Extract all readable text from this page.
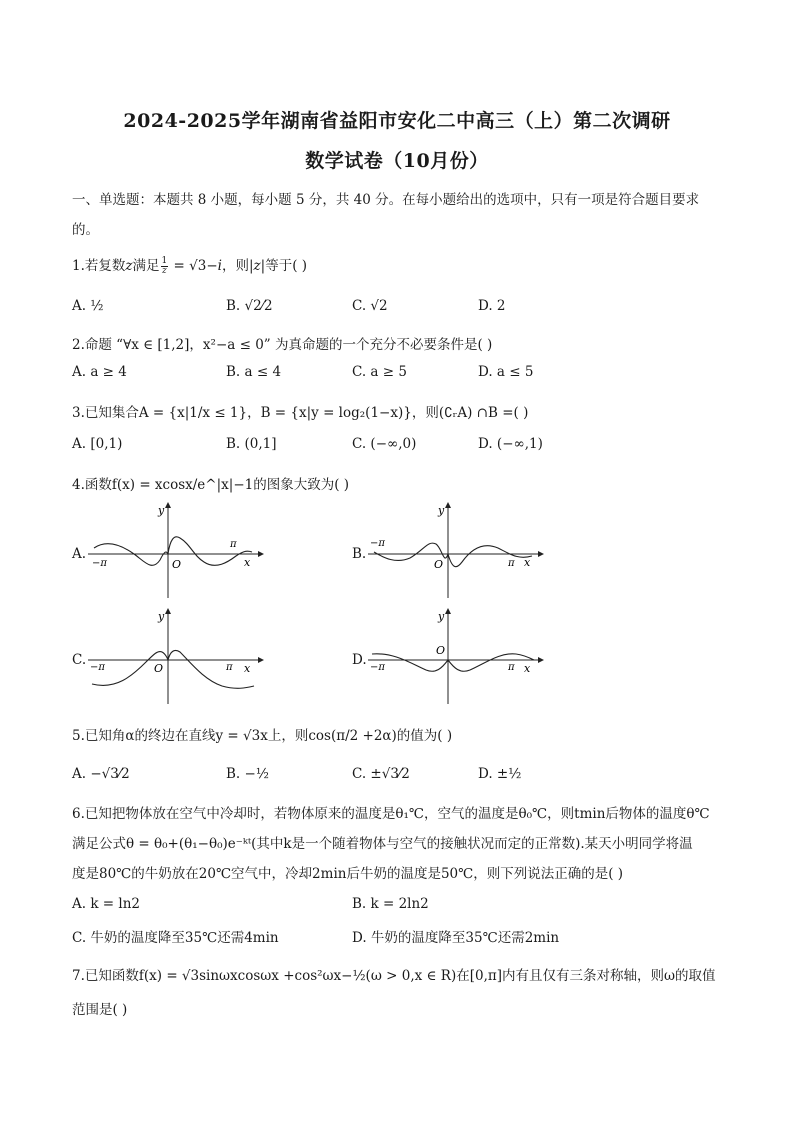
2024-2025学年湖南省益阳市安化二中高三（上）第二次调研
数学试卷（10月份）
一、单选题：本题共 8 小题，每小题 5 分，共 40 分。在每小题给出的选项中，只有一项是符合题目要求
的。
1.若复数z满足 $\frac{1}{z} = √3-i$，则|z|等于( )
A. ½	B. √2⁄2	C. √2	D. 2
2.命题 “∀x ∈ [1,2]，x²−a ≤ 0” 为真命题的一个充分不必要条件是( )
A. a ≥ 4	B. a ≤ 4	C. a ≥ 5	D. a ≤ 5
3.已知集合A = {x|1/x ≤ 1}，B = {x|y = log₂(1−x)}，则(∁ᵣA) ∩B =( )
A. [0,1)	B. (0,1]	C. (−∞,0)	D. (−∞,1)
4.函数f(x) = xcosx/e^|x|−1的图象大致为( )
A.	B.
C.	D.
y
x
O
−π
π
y
x
O
−π
π
y
x
O
−π	π
y
x
O
−π	π
5.已知角α的终边在直线y = √3x上，则cos(π/2 +2α)的值为( )
A. −√3⁄2	B. −½	C. ±√3⁄2	D. ±½
6.已知把物体放在空气中冷却时，若物体原来的温度是θ₁℃，空气的温度是θ₀℃，则tmin后物体的温度θ℃
满足公式θ = θ₀+(θ₁−θ₀)e⁻ᵏᵗ(其中k是一个随着物体与空气的接触状况而定的正常数).某天小明同学将温
度是80℃的牛奶放在20℃空气中，冷却2min后牛奶的温度是50℃，则下列说法正确的是( )
A. k = ln2	B. k = 2ln2
C. 牛奶的温度降至35℃还需4min	D. 牛奶的温度降至35℃还需2min
7.已知函数f(x) = √3sinωxcosωx +cos²ωx−½(ω > 0,x ∈ R)在[0,π]内有且仅有三条对称轴，则ω的取值
范围是( )
